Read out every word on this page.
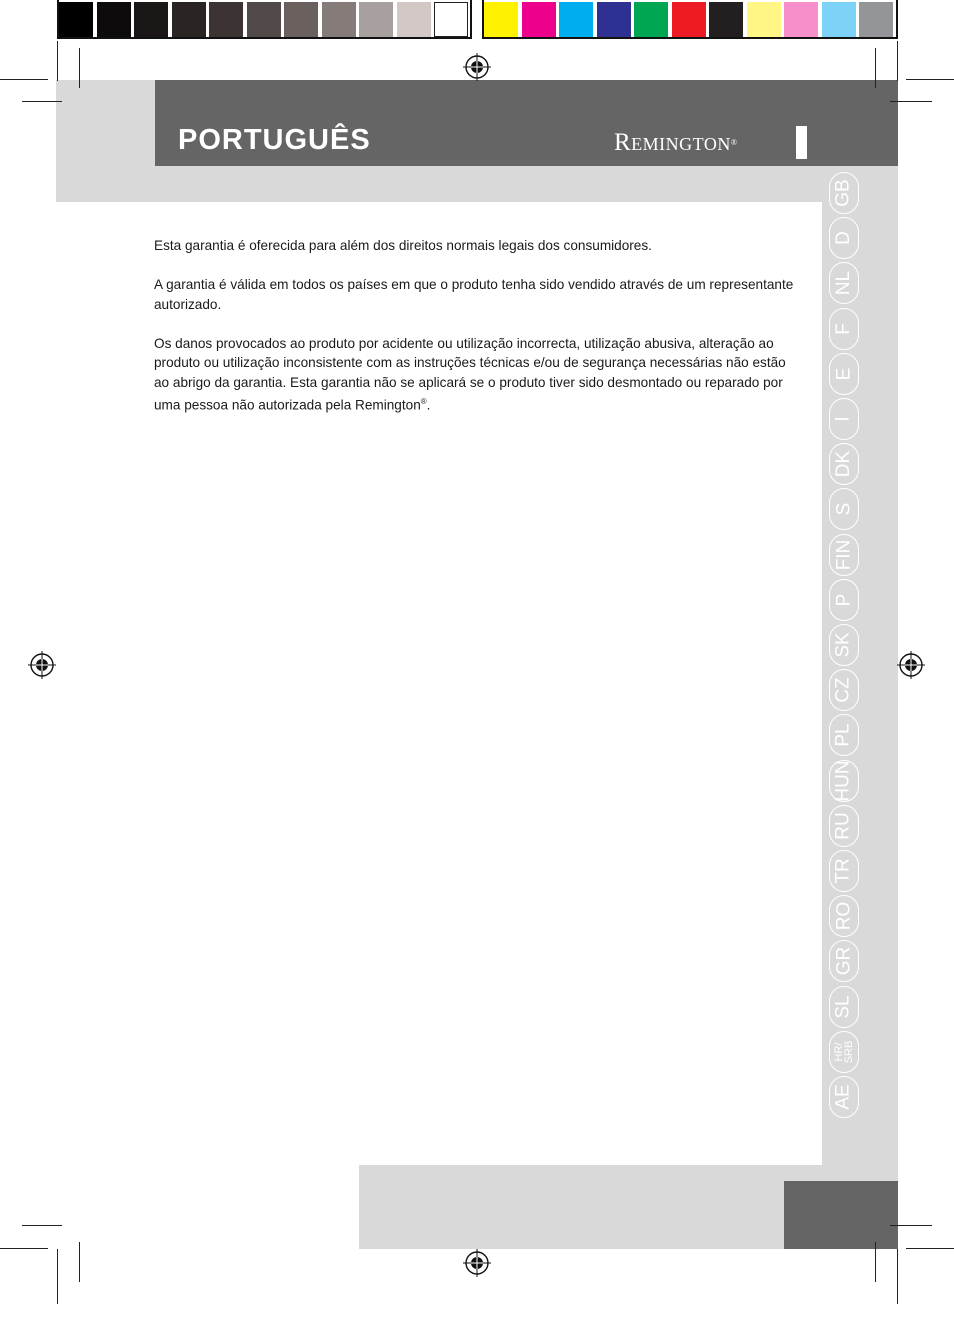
PORTUGUÊS	Remington®

Esta garantia é oferecida para além dos direitos normais legais dos consumidores.

A garantia é válida em todos os países em que o produto tenha sido vendido através de um representante autorizado.

Os danos provocados ao produto por acidente ou utilização incorrecta, utilização abusiva, alteração ao produto ou utilização inconsistente com as instruções técnicas e/ou de segurança necessárias não estão ao abrigo da garantia. Esta garantia não se aplicará se o produto tiver sido desmontado ou reparado por uma pessoa não autorizada pela Remington®.

GB
D
NL
F
E
I
DK
S
FIN
P
SK
CZ
PL
HUN
RU
TR
RO
GR
SL
HR/ SRB
AE
